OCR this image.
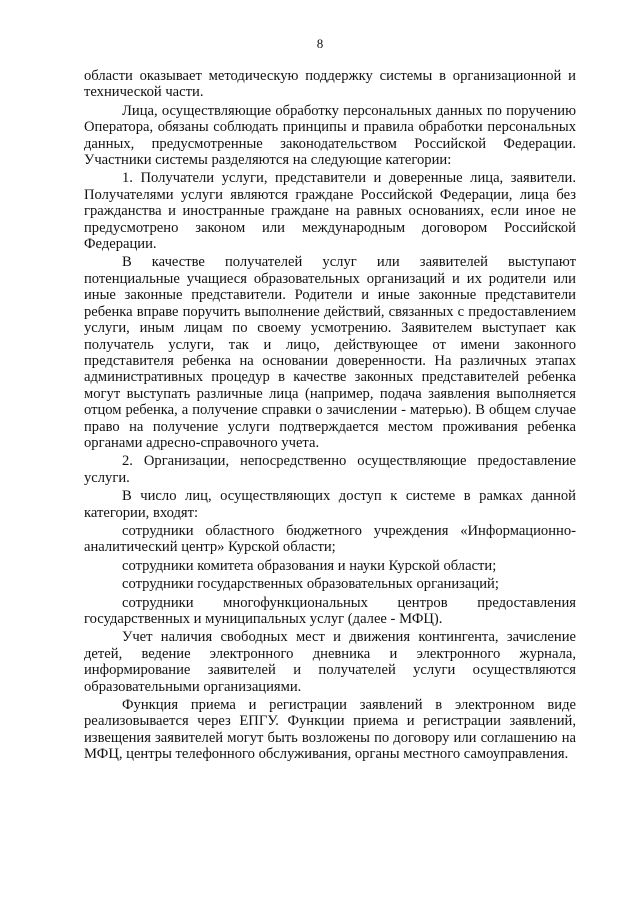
8

области оказывает методическую поддержку системы в организационной и технической части.

Лица, осуществляющие обработку персональных данных по поручению Оператора, обязаны соблюдать принципы и правила обработки персональных данных, предусмотренные законодательством Российской Федерации. Участники системы разделяются на следующие категории:

1. Получатели услуги, представители и доверенные лица, заявители. Получателями услуги являются граждане Российской Федерации, лица без гражданства и иностранные граждане на равных основаниях, если иное не предусмотрено законом или международным договором Российской Федерации.

В качестве получателей услуг или заявителей выступают потенциальные учащиеся образовательных организаций и их родители или иные законные представители. Родители и иные законные представители ребенка вправе поручить выполнение действий, связанных с предоставлением услуги, иным лицам по своему усмотрению. Заявителем выступает как получатель услуги, так и лицо, действующее от имени законного представителя ребенка на основании доверенности. На различных этапах административных процедур в качестве законных представителей ребенка могут выступать различные лица (например, подача заявления выполняется отцом ребенка, а получение справки о зачислении - матерью). В общем случае право на получение услуги подтверждается местом проживания ребенка органами адресно-справочного учета.

2. Организации, непосредственно осуществляющие предоставление услуги.

В число лиц, осуществляющих доступ к системе в рамках данной категории, входят:

сотрудники областного бюджетного учреждения «Информационно-аналитический центр» Курской области;

сотрудники комитета образования и науки Курской области;

сотрудники государственных образовательных организаций;

сотрудники многофункциональных центров предоставления государственных и муниципальных услуг (далее - МФЦ).

Учет наличия свободных мест и движения контингента, зачисление детей, ведение электронного дневника и электронного журнала, информирование заявителей и получателей услуги осуществляются образовательными организациями.

Функция приема и регистрации заявлений в электронном виде реализовывается через ЕПГУ. Функции приема и регистрации заявлений, извещения заявителей могут быть возложены по договору или соглашению на МФЦ, центры телефонного обслуживания, органы местного самоуправления.
